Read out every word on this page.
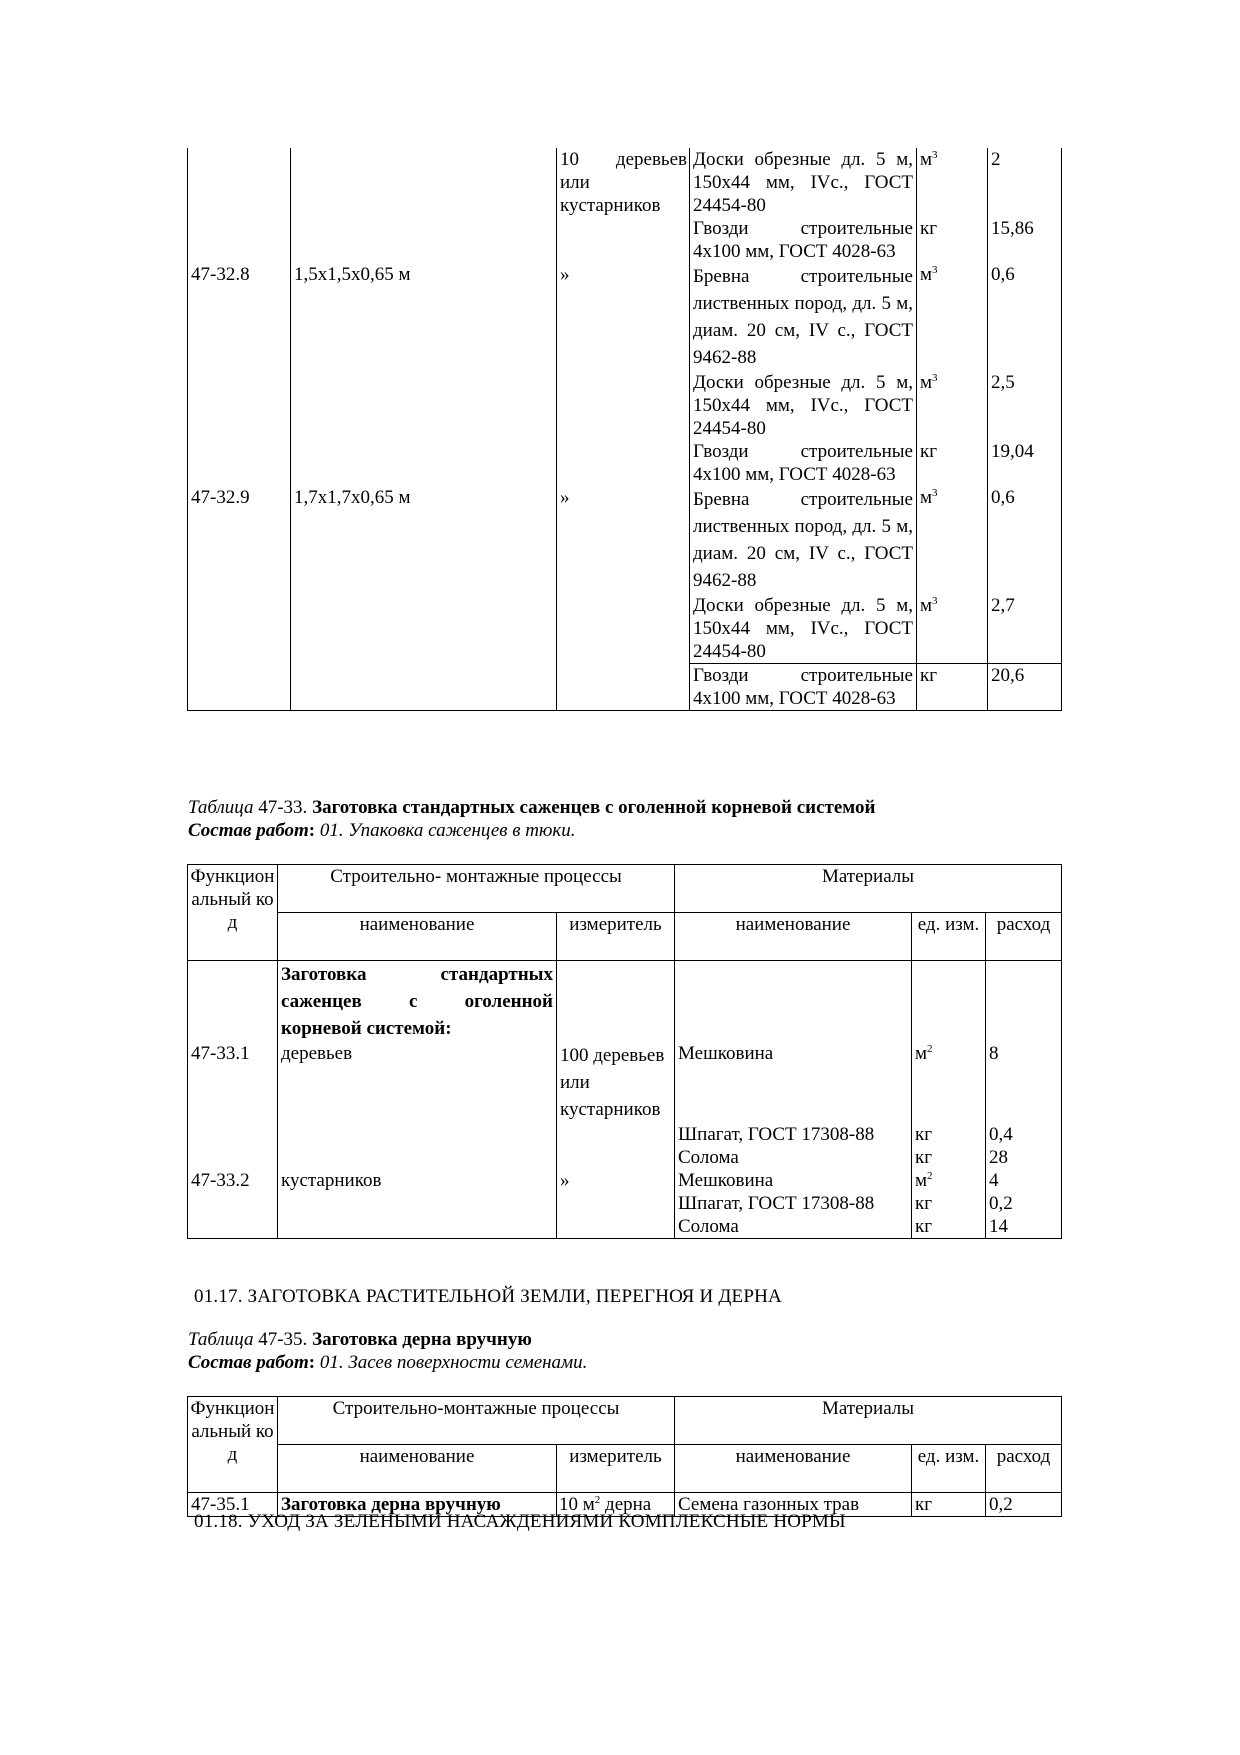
		10 деревьев или кустарников	Доски обрезные дл. 5 м, 150х44 мм, IVс., ГОСТ 24454-80	$м^3$	2
			Гвозди строительные 4х100 мм, ГОСТ 4028-63	кг	15,86
47-32.8	1,5х1,5х0,65 м	»	Бревна строительные лиственных пород, дл. 5 м, диам. 20 см, IV с., ГОСТ 9462-88	$м^3$	0,6
			Доски обрезные дл. 5 м, 150х44 мм, IVс., ГОСТ 24454-80	$м^3$	2,5
			Гвозди строительные 4х100 мм, ГОСТ 4028-63	кг	19,04
47-32.9	1,7х1,7х0,65 м	»	Бревна строительные лиственных пород, дл. 5 м, диам. 20 см, IV с., ГОСТ 9462-88	$м^3$	0,6
			Доски обрезные дл. 5 м, 150х44 мм, IVс., ГОСТ 24454-80	$м^3$	2,7
			Гвозди строительные 4х100 мм, ГОСТ 4028-63	кг	20,6
Таблица 47-33. Заготовка стандартных саженцев с оголенной корневой системой
Состав работ: 01. Упаковка саженцев в тюки.
Функциональный код	Строительно- монтажные процессы		Материалы		
	наименование	измеритель	наименование	ед. изм.	расход
	Заготовка стандартных саженцев с оголенной корневой системой:				
47-33.1	деревьев	100 деревьев или кустарников	Мешковина	$м^2$	8
			Шпагат, ГОСТ 17308-88	кг	0,4
			Солома	кг	28
47-33.2	кустарников	»	Мешковина	$м^2$	4
			Шпагат, ГОСТ 17308-88	кг	0,2
			Солома	кг	14
01.17. ЗАГОТОВКА РАСТИТЕЛЬНОЙ ЗЕМЛИ, ПЕРЕГНОЯ И ДЕРНА
Таблица 47-35. Заготовка дерна вручную
Состав работ: 01. Засев поверхности семенами.
Функциональный код	Строительно-монтажные процессы		Материалы		
	наименование	измеритель	наименование	ед. изм.	расход
47-35.1	Заготовка дерна вручную	10 $м^2$ дерна	Семена газонных трав	кг	0,2
01.18. УХОД ЗА ЗЕЛЕНЫМИ НАСАЖДЕНИЯМИ КОМПЛЕКСНЫЕ НОРМЫ
